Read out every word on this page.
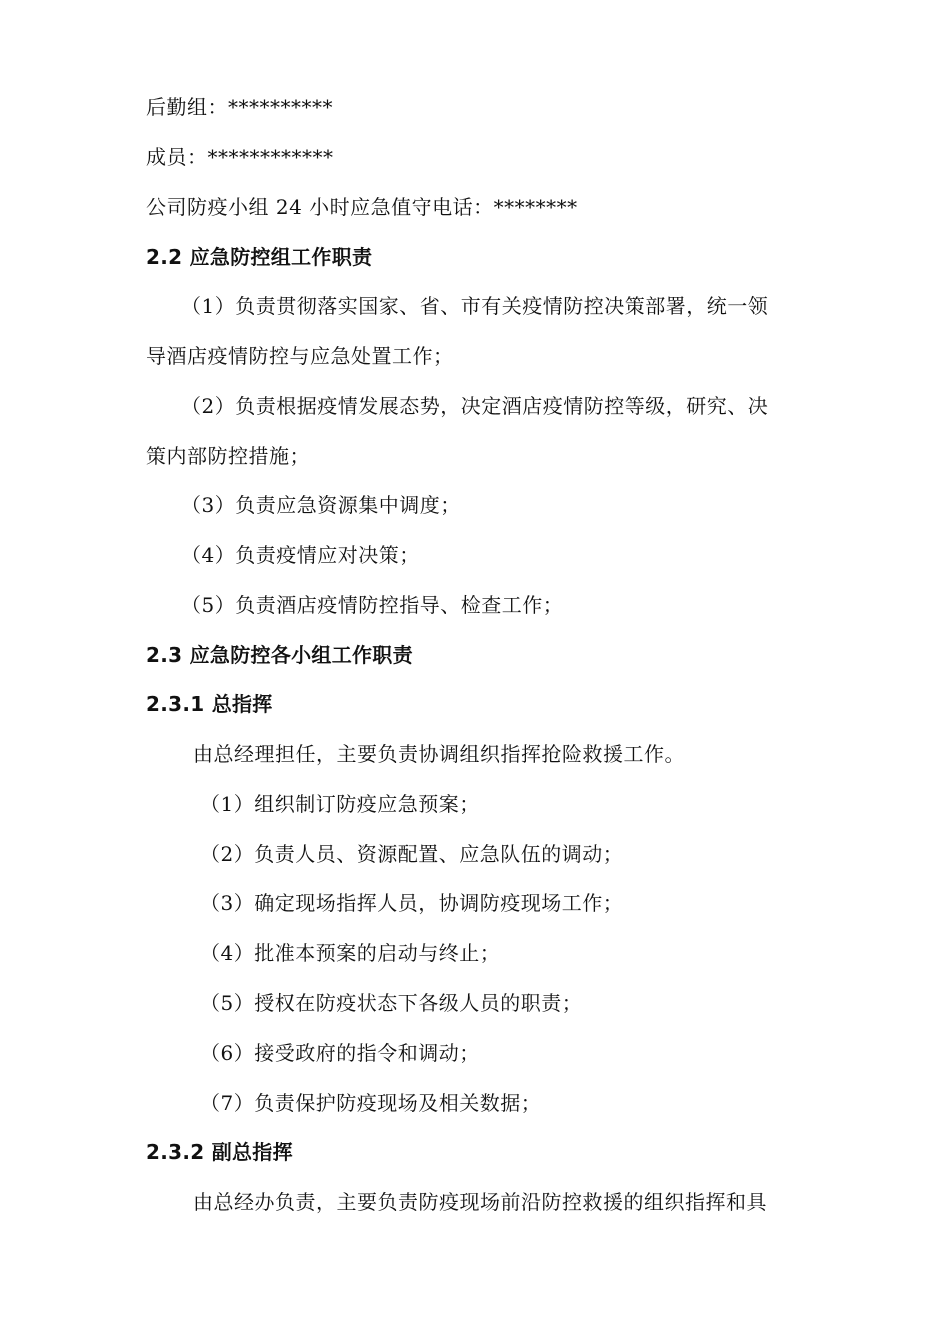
后勤组：**********
成员：************
公司防疫小组 24 小时应急值守电话：********
2.2 应急防控组工作职责
（1）负责贯彻落实国家、省、市有关疫情防控决策部署，统一领
导酒店疫情防控与应急处置工作；
（2）负责根据疫情发展态势，决定酒店疫情防控等级，研究、决
策内部防控措施；
（3）负责应急资源集中调度；
（4）负责疫情应对决策；
（5）负责酒店疫情防控指导、检查工作；
2.3 应急防控各小组工作职责
2.3.1 总指挥
由总经理担任，主要负责协调组织指挥抢险救援工作。
（1）组织制订防疫应急预案；
（2）负责人员、资源配置、应急队伍的调动；
（3）确定现场指挥人员，协调防疫现场工作；
（4）批准本预案的启动与终止；
（5）授权在防疫状态下各级人员的职责；
（6）接受政府的指令和调动；
（7）负责保护防疫现场及相关数据；
2.3.2 副总指挥
由总经办负责，主要负责防疫现场前沿防控救援的组织指挥和具
